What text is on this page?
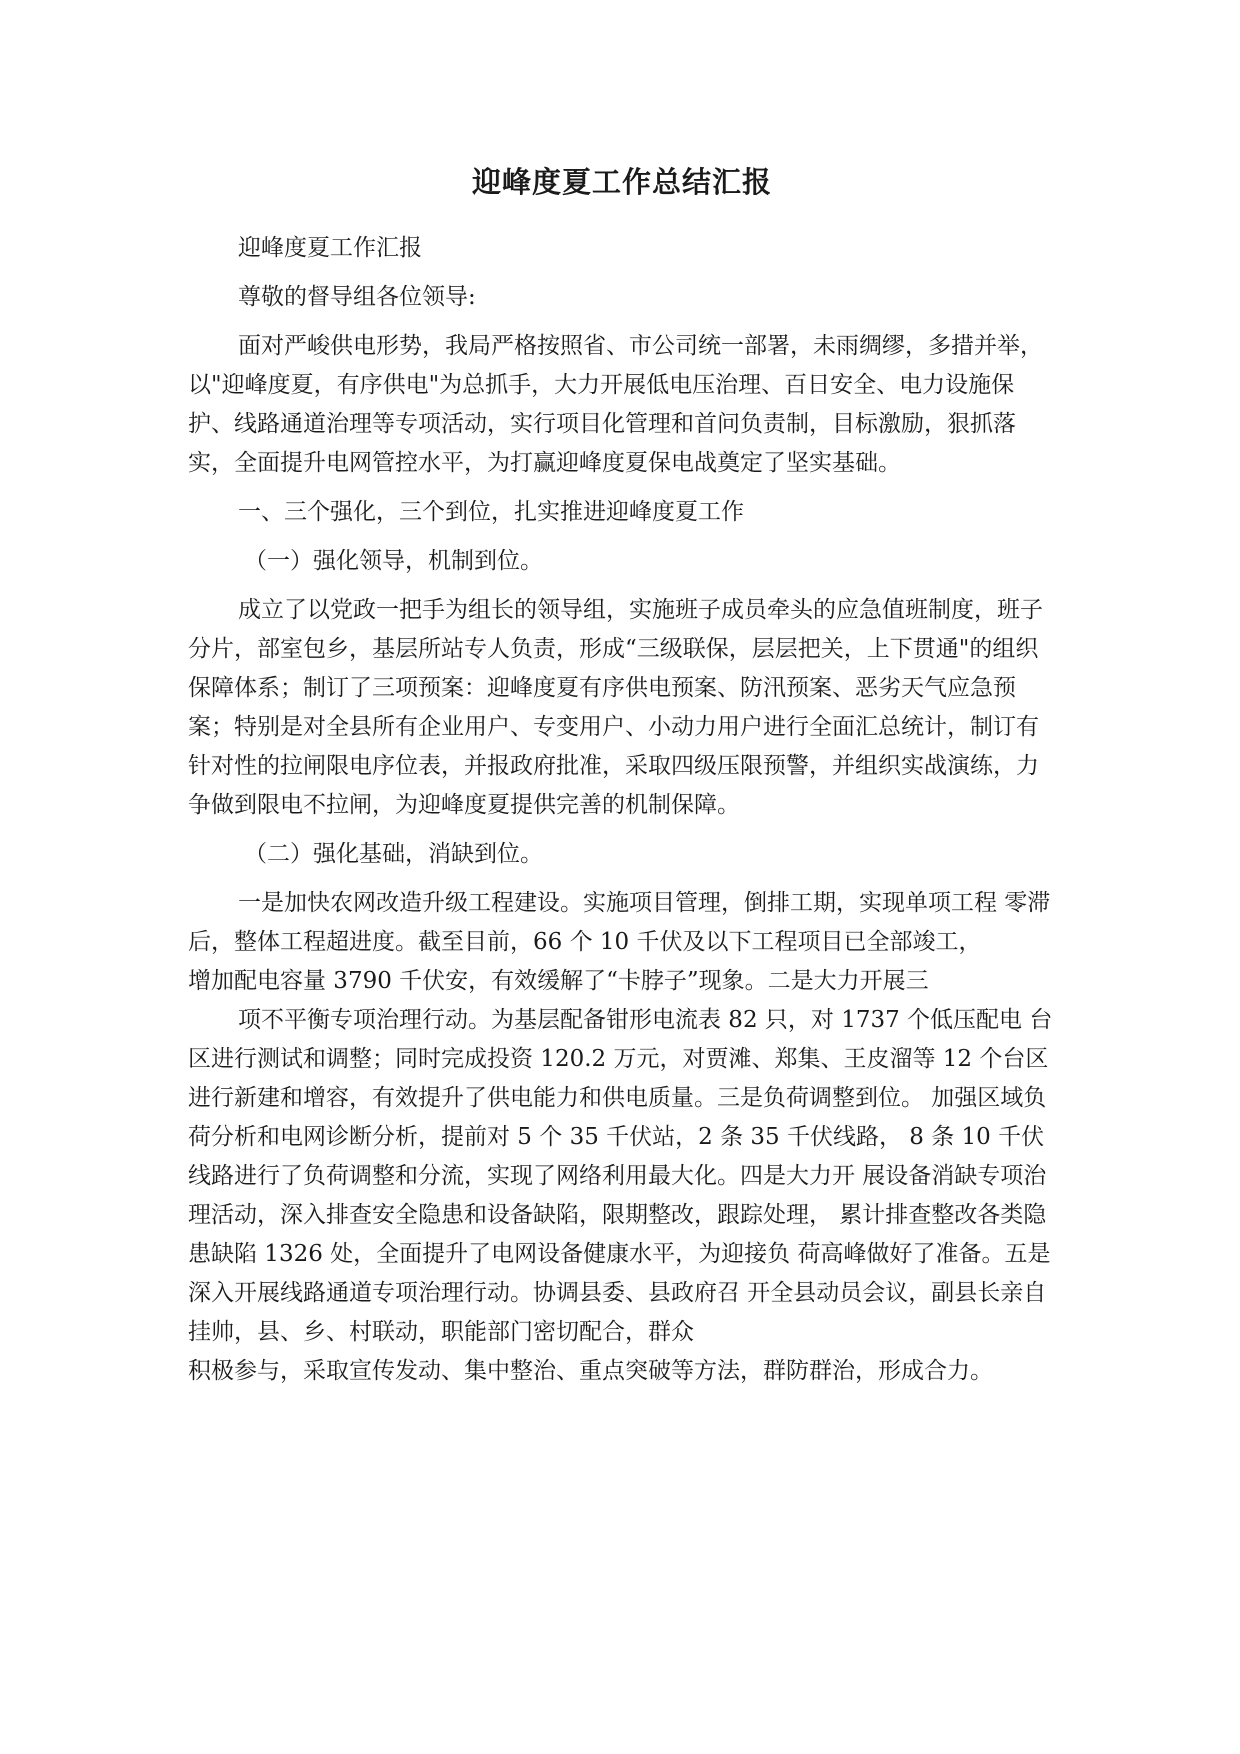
迎峰度夏工作总结汇报

迎峰度夏工作汇报

尊敬的督导组各位领导:

面对严峻供电形势，我局严格按照省、市公司统一部署，未雨绸缪，多措并举，以"迎峰度夏，有序供电"为总抓手，大力开展低电压治理、百日安全、电力设施保护、线路通道治理等专项活动，实行项目化管理和首问负责制，目标激励，狠抓落实，全面提升电网管控水平，为打赢迎峰度夏保电战奠定了坚实基础。

一、三个强化，三个到位，扎实推进迎峰度夏工作

（一）强化领导，机制到位。

成立了以党政一把手为组长的领导组，实施班子成员牵头的应急值班制度，班子分片，部室包乡，基层所站专人负责，形成“三级联保，层层把关，上下贯通"的组织保障体系；制订了三项预案：迎峰度夏有序供电预案、防汛预案、恶劣天气应急预案；特别是对全县所有企业用户、专变用户、小动力用户进行全面汇总统计，制订有针对性的拉闸限电序位表，并报政府批准，采取四级压限预警，并组织实战演练，力争做到限电不拉闸，为迎峰度夏提供完善的机制保障。

（二）强化基础，消缺到位。

一是加快农网改造升级工程建设。实施项目管理，倒排工期，实现单项工程 零滞后，整体工程超进度。截至目前，66 个 10 千伏及以下工程项目已全部竣工，

增加配电容量 3790 千伏安，有效缓解了“卡脖子”现象。二是大力开展三

项不平衡专项治理行动。为基层配备钳形电流表 82 只，对 1737 个低压配电 台区进行测试和调整；同时完成投资 120.2 万元，对贾滩、郑集、王皮溜等 12 个台区进行新建和增容，有效提升了供电能力和供电质量。三是负荷调整到位。 加强区域负荷分析和电网诊断分析，提前对 5 个 35 千伏站，2 条 35 千伏线路， 8 条 10 千伏线路进行了负荷调整和分流，实现了网络利用最大化。四是大力开 展设备消缺专项治理活动，深入排查安全隐患和设备缺陷，限期整改，跟踪处理， 累计排查整改各类隐患缺陷 1326 处，全面提升了电网设备健康水平，为迎接负 荷高峰做好了准备。五是深入开展线路通道专项治理行动。协调县委、县政府召 开全县动员会议，副县长亲自挂帅，县、乡、村联动，职能部门密切配合，群众

积极参与，采取宣传发动、集中整治、重点突破等方法，群防群治，形成合力。
